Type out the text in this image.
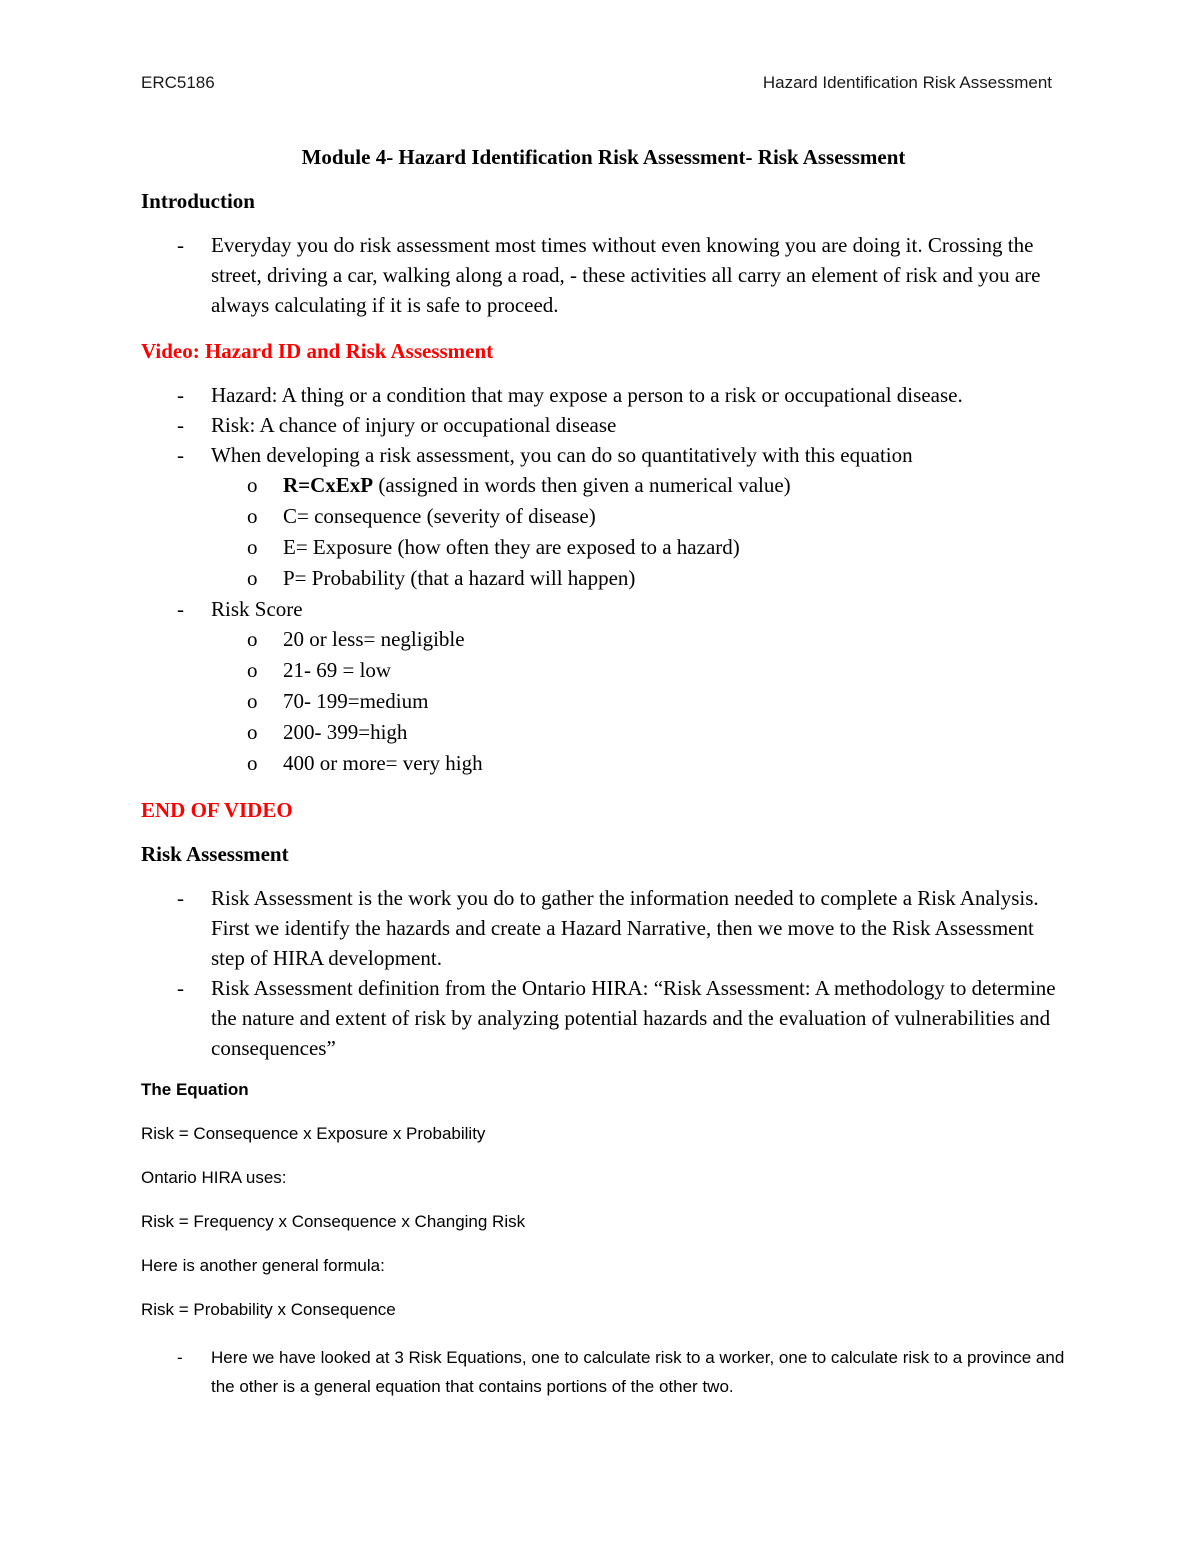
ERC5186	Hazard Identification Risk Assessment
Module 4- Hazard Identification Risk Assessment- Risk Assessment
Introduction
- Everyday you do risk assessment most times without even knowing you are doing it. Crossing the street, driving a car, walking along a road, - these activities all carry an element of risk and you are always calculating if it is safe to proceed.
Video: Hazard ID and Risk Assessment
- Hazard: A thing or a condition that may expose a person to a risk or occupational disease.
- Risk: A chance of injury or occupational disease
- When developing a risk assessment, you can do so quantitatively with this equation
o R=CxExP (assigned in words then given a numerical value)
o C= consequence (severity of disease)
o E= Exposure (how often they are exposed to a hazard)
o P= Probability (that a hazard will happen)
- Risk Score
o 20 or less= negligible
o 21- 69 = low
o 70- 199=medium
o 200- 399=high
o 400 or more= very high
END OF VIDEO
Risk Assessment
- Risk Assessment is the work you do to gather the information needed to complete a Risk Analysis. First we identify the hazards and create a Hazard Narrative, then we move to the Risk Assessment step of HIRA development.
- Risk Assessment definition from the Ontario HIRA: “Risk Assessment: A methodology to determine the nature and extent of risk by analyzing potential hazards and the evaluation of vulnerabilities and consequences”
The Equation
Risk = Consequence x Exposure x Probability
Ontario HIRA uses:
Risk = Frequency x Consequence x Changing Risk
Here is another general formula:
Risk = Probability x Consequence
- Here we have looked at 3 Risk Equations, one to calculate risk to a worker, one to calculate risk to a province and the other is a general equation that contains portions of the other two.
